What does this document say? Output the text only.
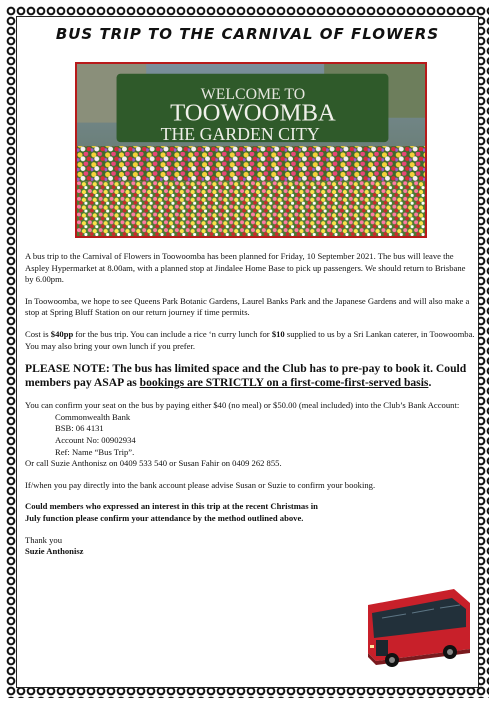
BUS TRIP TO THE CARNIVAL OF FLOWERS
WELCOME TO
TOOWOOMBA
THE GARDEN CITY

A bus trip to the Carnival of Flowers in Toowoomba has been planned for Friday, 10 September 2021. The bus will leave the Aspley Hypermarket at 8.00am, with a planned stop at Jindalee Home Base to pick up passengers. We should return to Brisbane by 6.00pm.

In Toowoomba, we hope to see Queens Park Botanic Gardens, Laurel Banks Park and the Japanese Gardens and will also make a stop at Spring Bluff Station on our return journey if time permits.

Cost is $40pp for the bus trip. You can include a rice ‘n curry lunch for $10 supplied to us by a Sri Lankan caterer, in Toowoomba. You may also bring your own lunch if you prefer.

PLEASE NOTE: The bus has limited space and the Club has to pre-pay to book it. Could members pay ASAP as bookings are STRICTLY on a first-come-first-served basis.

You can confirm your seat on the bus by paying either $40 (no meal) or $50.00 (meal included) into the Club’s Bank Account:
Commonwealth Bank
BSB: 06 4131
Account No: 00902934
Ref: Name “Bus Trip”.
Or call Suzie Anthonisz on 0409 533 540 or Susan Fahir on 0409 262 855.

If/when you pay directly into the bank account please advise Susan or Suzie to confirm your booking.

Could members who expressed an interest in this trip at the recent Christmas in July function please confirm your attendance by the method outlined above.

Thank you
Suzie Anthonisz
